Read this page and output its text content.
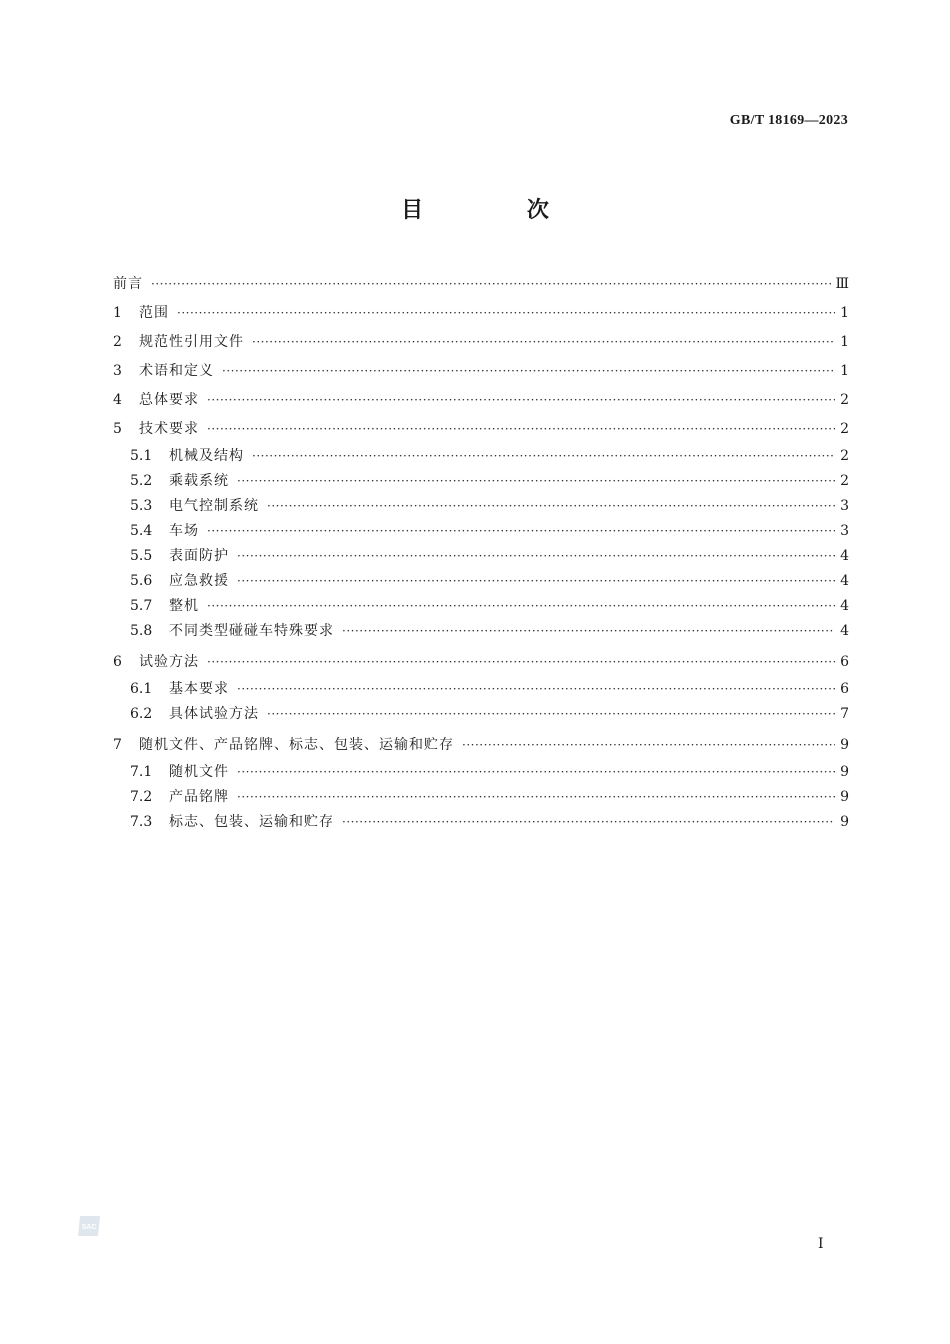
GB/T 18169—2023
目 次
前言 ·····	Ⅲ
1	范围 ·····	1
2	规范性引用文件 ·····	1
3	术语和定义 ·····	1
4	总体要求 ·····	2
5	技术要求 ·····	2
5.1	机械及结构 ·····	2
5.2	乘载系统 ·····	2
5.3	电气控制系统 ·····	3
5.4	车场 ·····	3
5.5	表面防护 ·····	4
5.6	应急救援 ·····	4
5.7	整机 ·····	4
5.8	不同类型碰碰车特殊要求 ·····	4
6	试验方法 ·····	6
6.1	基本要求 ·····	6
6.2	具体试验方法 ·····	7
7	随机文件、产品铭牌、标志、包装、运输和贮存 ·····	9
7.1	随机文件 ·····	9
7.2	产品铭牌 ·····	9
7.3	标志、包装、运输和贮存 ·····	9
SAC
I
